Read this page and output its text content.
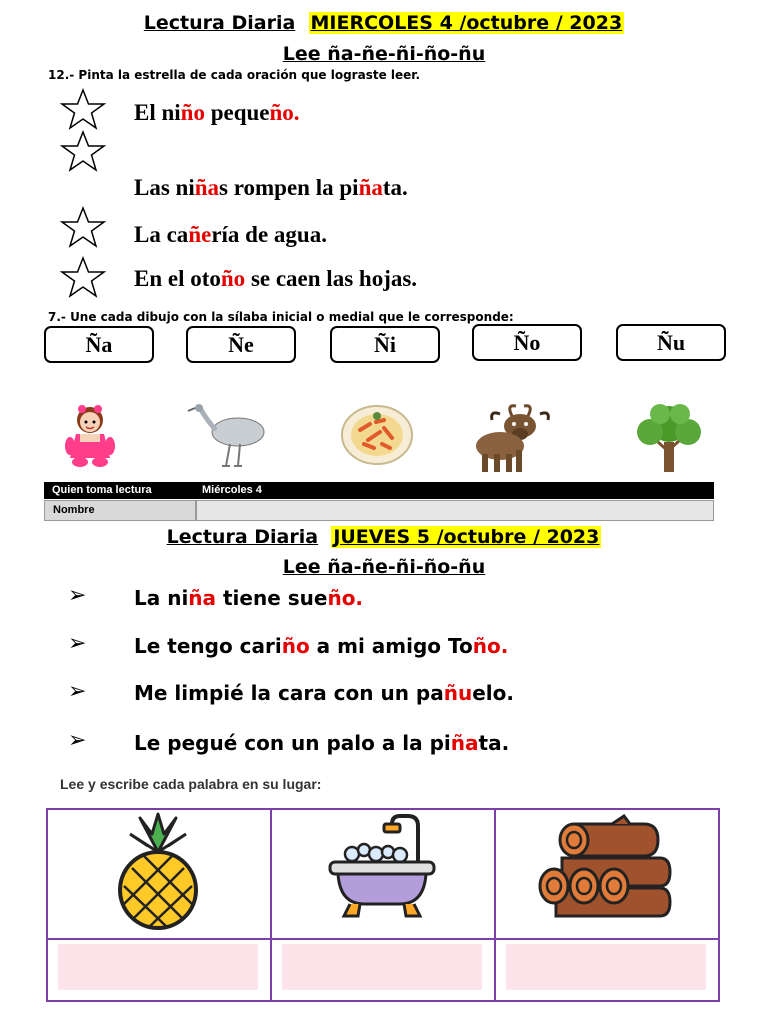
Lectura Diaria MIERCOLES 4 /octubre / 2023
Lee ña-ñe-ñi-ño-ñu
12.- Pinta la estrella de cada oración que lograste leer.
El niño pequeño.
Las niñas rompen la piñata.
La cañería de agua.
En el otoño se caen las hojas.
7.- Une cada dibujo con la sílaba inicial o medial que le corresponde:
Ña	Ñe	Ñi	Ño	Ñu
Quien toma lectura	Miércoles 4
Nombre
Lectura Diaria JUEVES 5 /octubre / 2023
Lee ña-ñe-ñi-ño-ñu
➢ La niña tiene sueño.
➢ Le tengo cariño a mi amigo Toño.
➢ Me limpié la cara con un pañuelo.
➢ Le pegué con un palo a la piñata.
Lee y escribe cada palabra en su lugar:
